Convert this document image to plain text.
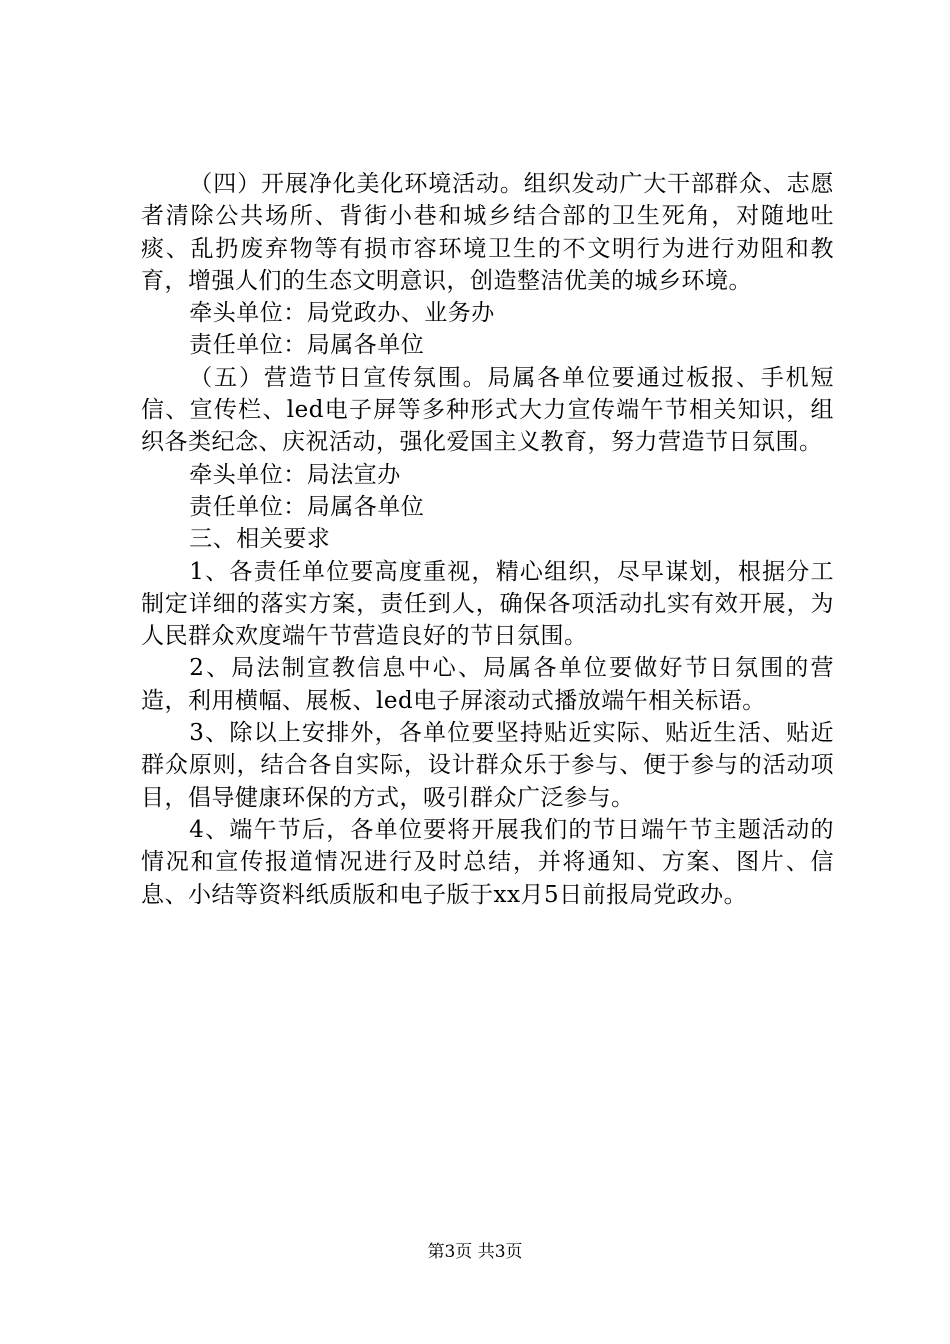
（四）开展净化美化环境活动。组织发动广大干部群众、志愿者清除公共场所、背街小巷和城乡结合部的卫生死角，对随地吐痰、乱扔废弃物等有损市容环境卫生的不文明行为进行劝阻和教育，增强人们的生态文明意识，创造整洁优美的城乡环境。

牵头单位：局党政办、业务办

责任单位：局属各单位

（五）营造节日宣传氛围。局属各单位要通过板报、手机短信、宣传栏、led电子屏等多种形式大力宣传端午节相关知识，组织各类纪念、庆祝活动，强化爱国主义教育，努力营造节日氛围。

牵头单位：局法宣办

责任单位：局属各单位

三、相关要求

1、各责任单位要高度重视，精心组织，尽早谋划，根据分工制定详细的落实方案，责任到人，确保各项活动扎实有效开展，为人民群众欢度端午节营造良好的节日氛围。

2、局法制宣教信息中心、局属各单位要做好节日氛围的营造，利用横幅、展板、led电子屏滚动式播放端午相关标语。

3、除以上安排外，各单位要坚持贴近实际、贴近生活、贴近群众原则，结合各自实际，设计群众乐于参与、便于参与的活动项目，倡导健康环保的方式，吸引群众广泛参与。

4、端午节后，各单位要将开展我们的节日端午节主题活动的情况和宣传报道情况进行及时总结，并将通知、方案、图片、信息、小结等资料纸质版和电子版于xx月5日前报局党政办。

第3页 共3页
